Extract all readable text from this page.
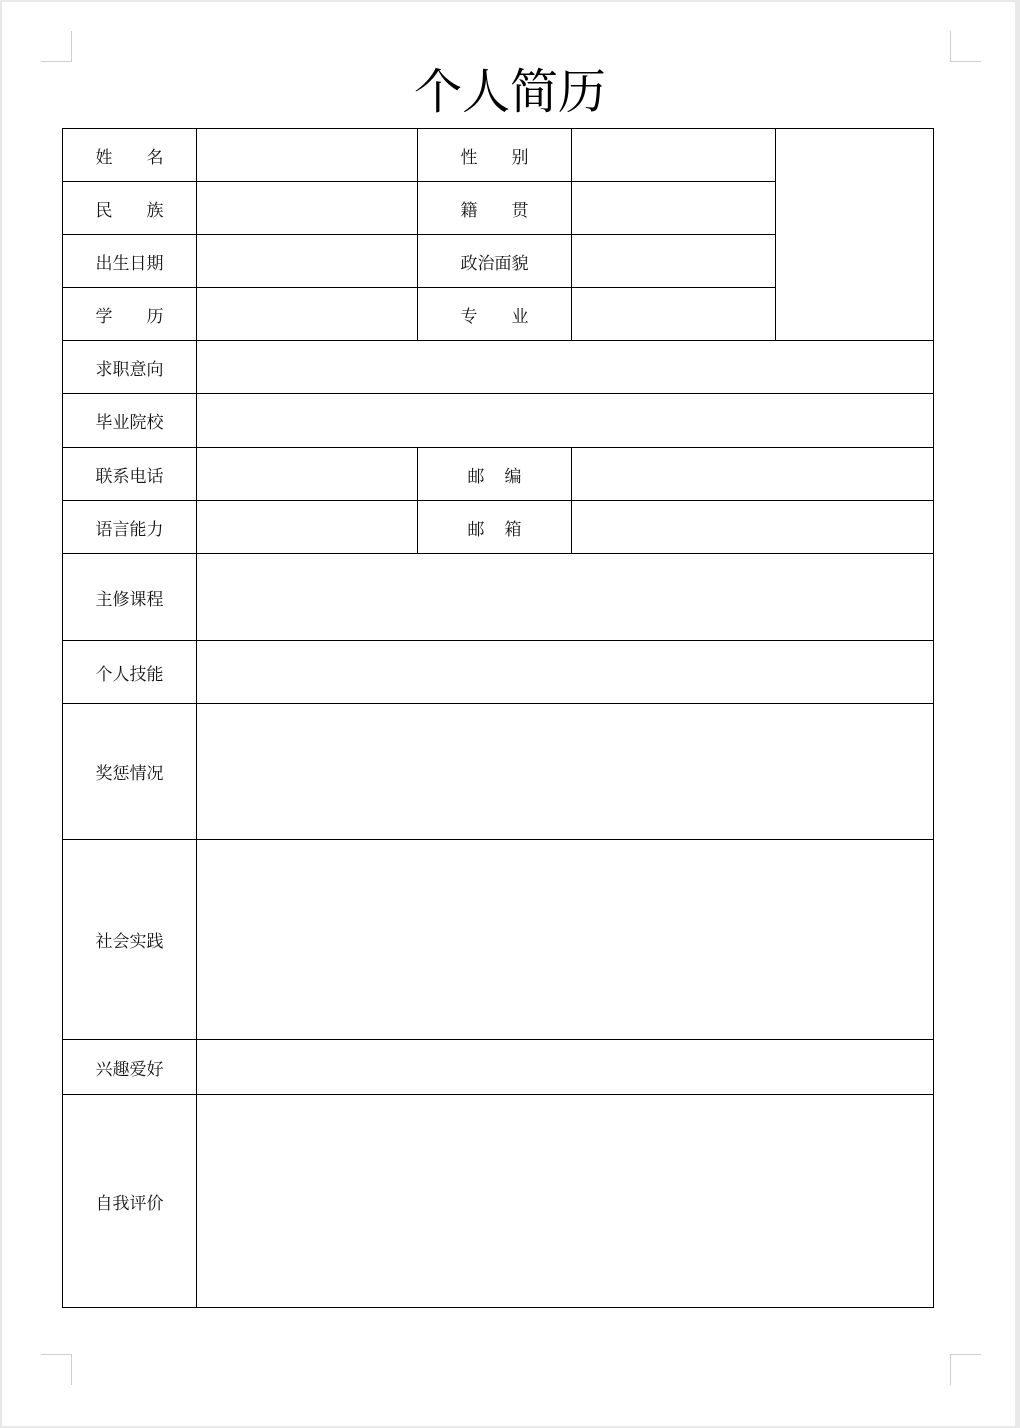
个人简历
姓 名		性 别		
民 族		籍 贯		
出生日期		政治面貌		
学 历		专 业		
求职意向				
毕业院校				
联系电话		邮 编		
语言能力		邮 箱		
主修课程				
个人技能				
奖惩情况				
社会实践				
兴趣爱好				
自我评价				
